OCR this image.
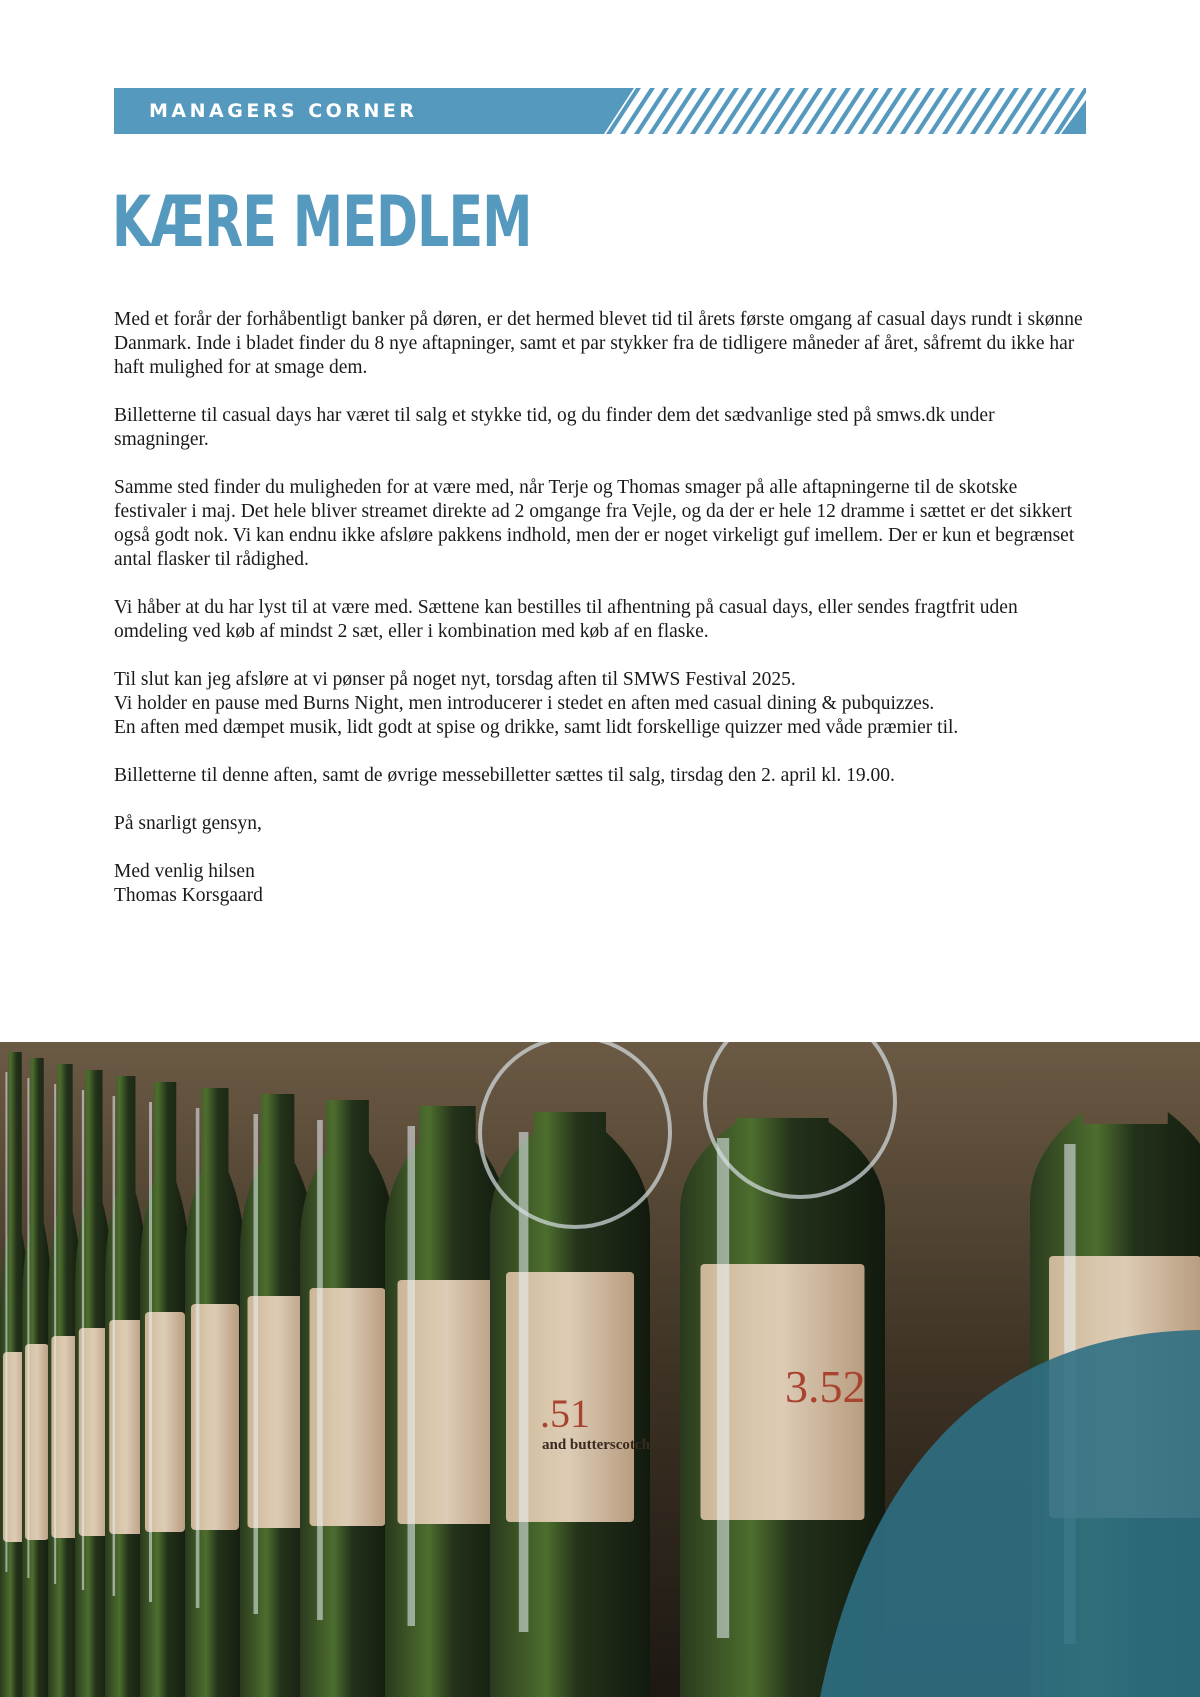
MANAGERS CORNER
KÆRE MEDLEM

Med et forår der forhåbentligt banker på døren, er det hermed blevet tid til årets første omgang af casual days rundt i skønne Danmark. Inde i bladet finder du 8 nye aftapninger, samt et par stykker fra de tidligere måneder af året, såfremt du ikke har haft mulighed for at smage dem.

Billetterne til casual days har været til salg et stykke tid, og du finder dem det sædvanlige sted på smws.dk under smagninger.

Samme sted finder du muligheden for at være med, når Terje og Thomas smager på alle aftapningerne til de skotske festivaler i maj. Det hele bliver streamet direkte ad 2 omgange fra Vejle, og da der er hele 12 dramme i sættet er det sikkert også godt nok. Vi kan endnu ikke afsløre pakkens indhold, men der er noget virkeligt guf imellem. Der er kun et begrænset antal flasker til rådighed.

Vi håber at du har lyst til at være med. Sættene kan bestilles til afhentning på casual days, eller sendes fragtfrit uden omdeling ved køb af mindst 2 sæt, eller i kombination med køb af en flaske.

Til slut kan jeg afsløre at vi pønser på noget nyt, torsdag aften til SMWS Festival 2025.
Vi holder en pause med Burns Night, men introducerer i stedet en aften med casual dining & pubquizzes.
En aften med dæmpet musik, lidt godt at spise og drikke, samt lidt forskellige quizzer med våde præmier til.

Billetterne til denne aften, samt de øvrige messebilletter sættes til salg, tirsdag den 2. april kl. 19.00.

På snarligt gensyn,

Med venlig hilsen
Thomas Korsgaard

.51
3.52
and butterscotch
